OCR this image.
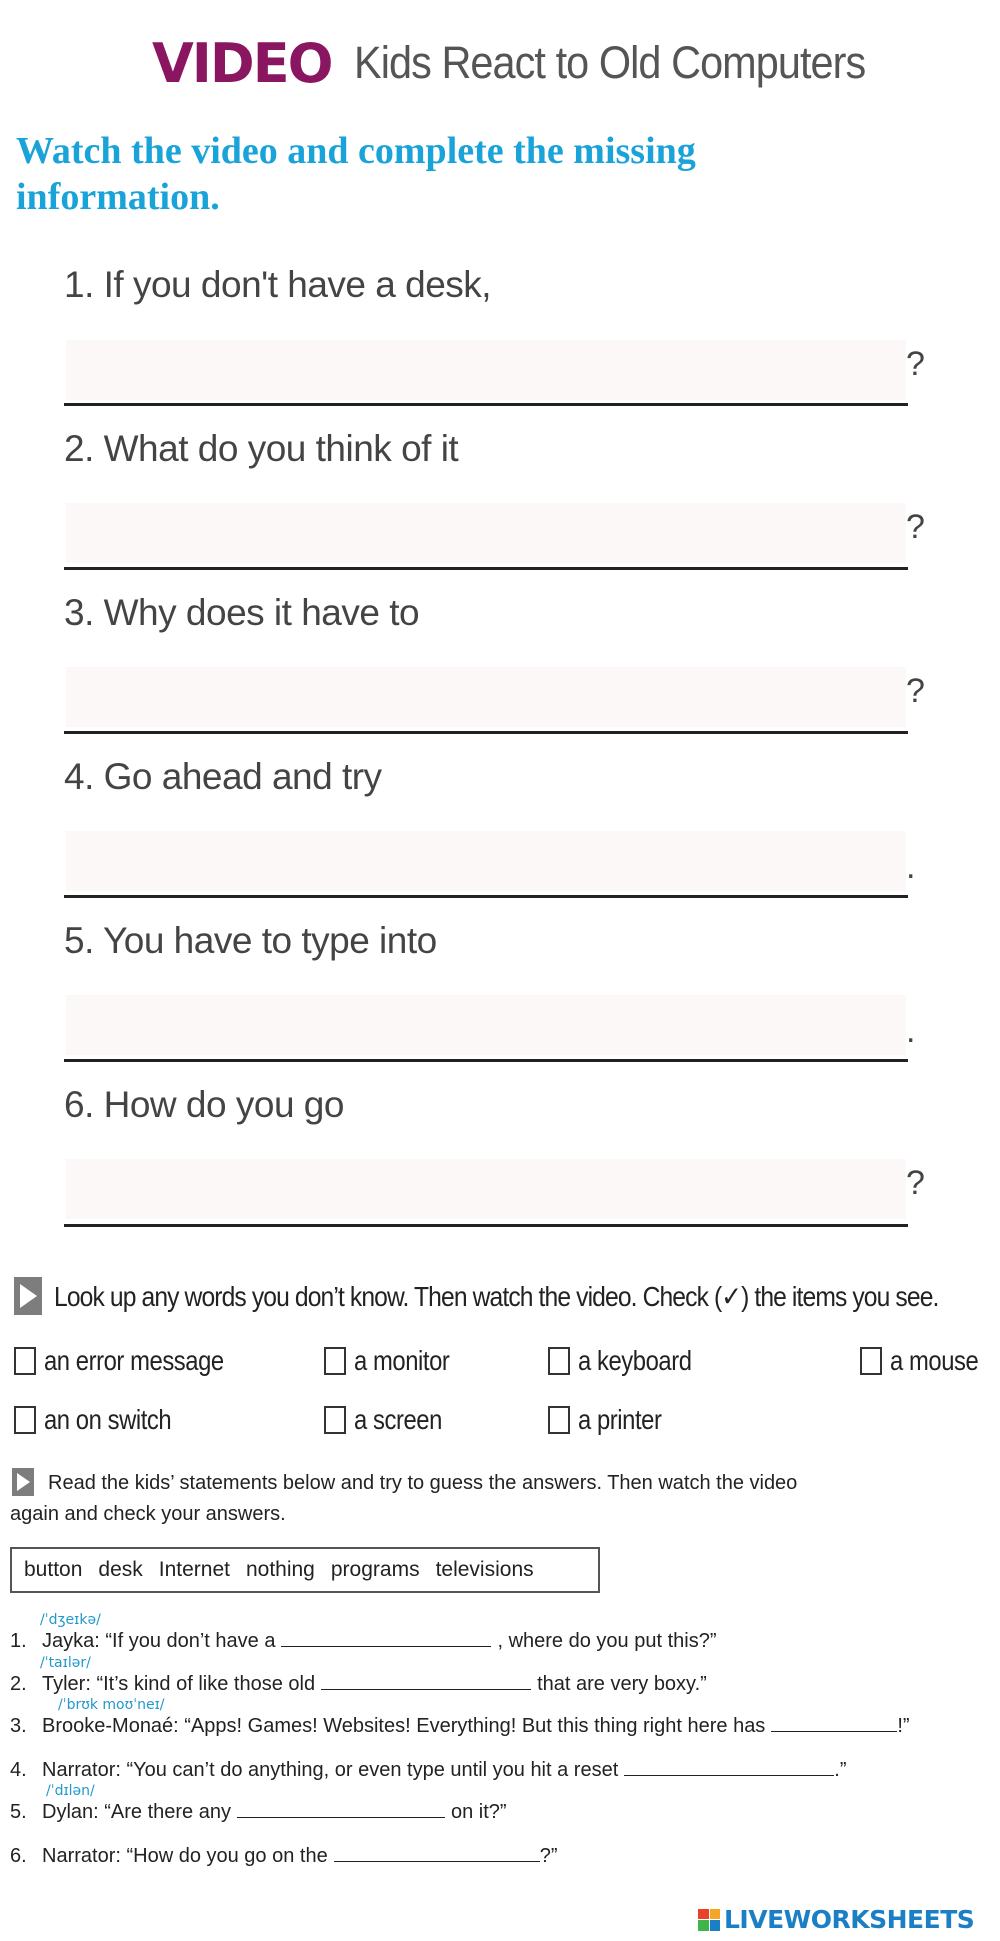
VIDEO Kids React to Old Computers
Watch the video and complete the missing information.
1. If you don't have a desk,
?
2. What do you think of it
?
3. Why does it have to
?
4. Go ahead and try
.
5. You have to type into
.
6. How do you go
?
Look up any words you don’t know. Then watch the video. Check (✓) the items you see.
an error message	a monitor	a keyboard	a mouse
an on switch	a screen	a printer
Read the kids’ statements below and try to guess the answers. Then watch the video
again and check your answers.
button desk Internet nothing programs televisions
/ˈdʒeɪkə/
1. Jayka: “If you don’t have a	, where do you put this?”
/ˈtaɪlər/
2. Tyler: “It’s kind of like those old	that are very boxy.”
/ˈbrʊk moʊˈneɪ/
3. Brooke-Monaé: “Apps! Games! Websites! Everything! But this thing right here has	!”
4. Narrator: “You can’t do anything, or even type until you hit a reset	.”
/ˈdɪlən/
5. Dylan: “Are there any	on it?”
6. Narrator: “How do you go on the	?”
LIVEWORKSHEETS
